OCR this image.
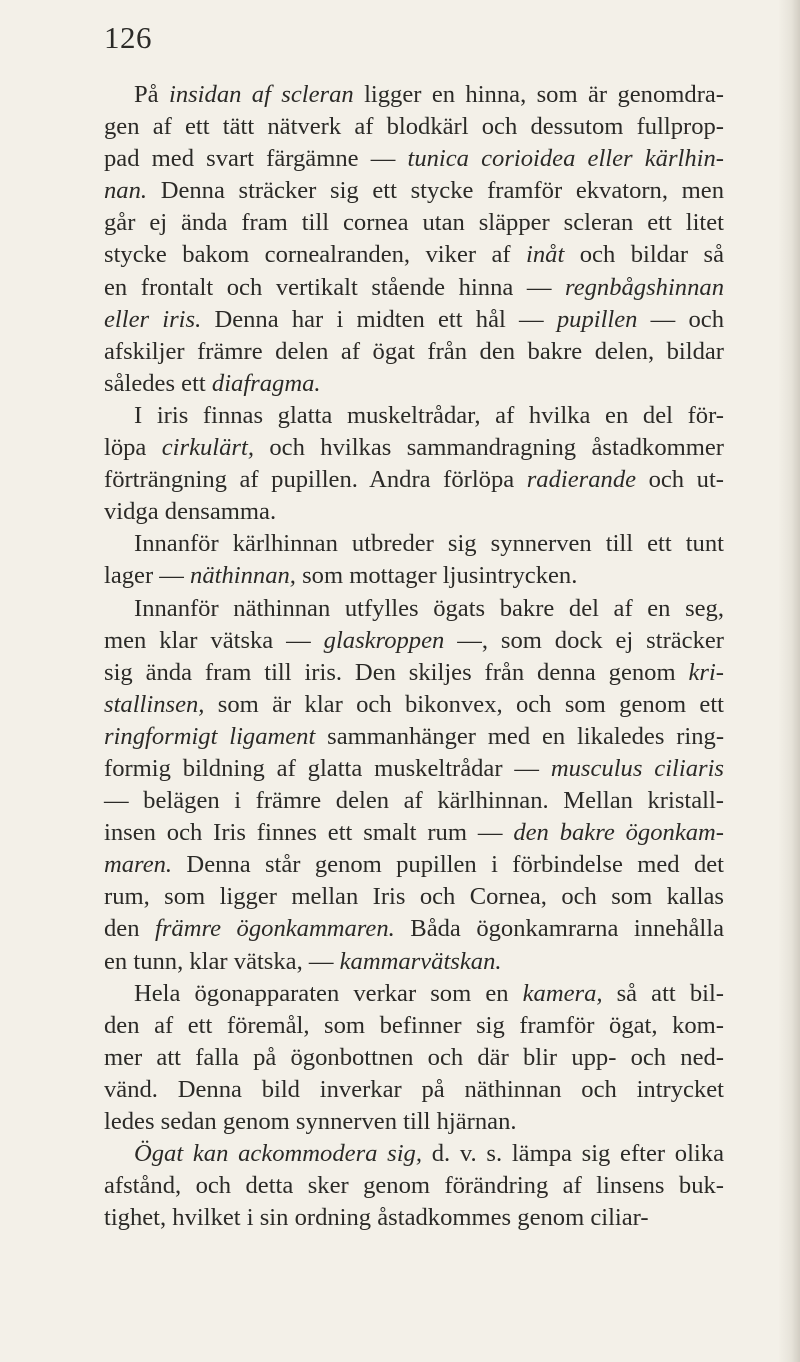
126
På insidan af scleran ligger en hinna, som är genomdra-
gen af ett tätt nätverk af blodkärl och dessutom fullprop-
pad med svart färgämne — tunica corioidea eller kärlhin-
nan. Denna sträcker sig ett stycke framför ekvatorn, men
går ej ända fram till cornea utan släpper scleran ett litet
stycke bakom cornealranden, viker af inåt och bildar så
en frontalt och vertikalt stående hinna — regnbågshinnan
eller iris. Denna har i midten ett hål — pupillen — och
afskiljer främre delen af ögat från den bakre delen, bildar
således ett diafragma.
I iris finnas glatta muskeltrådar, af hvilka en del för-
löpa cirkulärt, och hvilkas sammandragning åstadkommer
förträngning af pupillen. Andra förlöpa radierande och ut-
vidga densamma.
Innanför kärlhinnan utbreder sig synnerven till ett tunt
lager — näthinnan, som mottager ljusintrycken.
Innanför näthinnan utfylles ögats bakre del af en seg,
men klar vätska — glaskroppen —, som dock ej sträcker
sig ända fram till iris. Den skiljes från denna genom kri-
stallinsen, som är klar och bikonvex, och som genom ett
ringformigt ligament sammanhänger med en likaledes ring-
formig bildning af glatta muskeltrådar — musculus ciliaris
— belägen i främre delen af kärlhinnan. Mellan kristall-
insen och Iris finnes ett smalt rum — den bakre ögonkam-
maren. Denna står genom pupillen i förbindelse med det
rum, som ligger mellan Iris och Cornea, och som kallas
den främre ögonkammaren. Båda ögonkamrarna innehålla
en tunn, klar vätska, — kammarvätskan.
Hela ögonapparaten verkar som en kamera, så att bil-
den af ett föremål, som befinner sig framför ögat, kom-
mer att falla på ögonbottnen och där blir upp- och ned-
vänd. Denna bild inverkar på näthinnan och intrycket
ledes sedan genom synnerven till hjärnan.
Ögat kan ackommodera sig, d. v. s. lämpa sig efter olika
afstånd, och detta sker genom förändring af linsens buk-
tighet, hvilket i sin ordning åstadkommes genom ciliar-
